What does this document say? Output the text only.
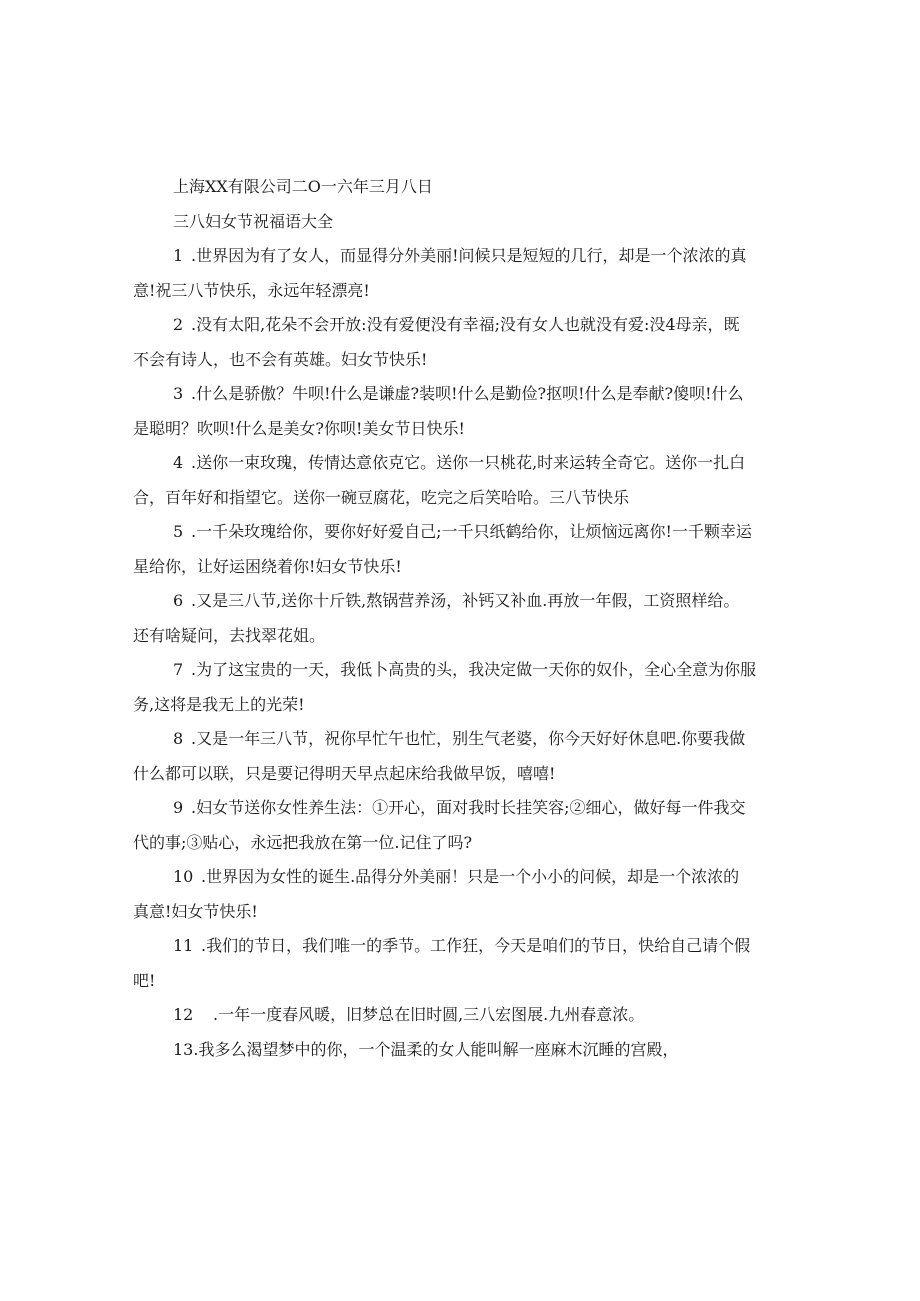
上海XX有限公司二O一六年三月八日

三八妇女节祝福语大全

1 .世界因为有了女人，而显得分外美丽!问候只是短短的几行，却是一个浓浓的真
意!祝三八节快乐，永远年轻漂亮!
2 .没有太阳,花朵不会开放:没有爱便没有幸福;没有女人也就没有爱:没4母亲，既
不会有诗人，也不会有英雄。妇女节快乐!
3 .什么是骄傲？牛呗!什么是谦虚?装呗!什么是勤俭?抠呗!什么是奉献?傻呗!什么
是聪明？吹呗!什么是美女?你呗!美女节日快乐!
4 .送你一束玫瑰，传情达意依克它。送你一只桃花,时来运转全奇它。送你一扎白
合，百年好和指望它。送你一碗豆腐花，吃完之后笑哈哈。三八节快乐
5 .一千朵玫瑰给你，要你好好爱自己;一千只纸鹤给你，让烦恼远离你!一千颗幸运
星给你，让好运困绕着你!妇女节快乐!
6 .又是三八节,送你十斤铁,熬锅营养汤，补钙又补血.再放一年假，工资照样给。
还有啥疑问，去找翠花姐。
7 .为了这宝贵的一天，我低卜高贵的头，我决定做一天你的奴仆，全心全意为你服
务,这将是我无上的光荣!
8 .又是一年三八节，祝你早忙午也忙，别生气老婆，你今天好好休息吧.你要我做
什么都可以联，只是要记得明天早点起床给我做早饭，嘻嘻!
9 .妇女节送你女性养生法：①开心，面对我时长挂笑容;②细心，做好每一件我交
代的事;③贴心，永远把我放在第一位.记住了吗?
10 .世界因为女性的诞生.品得分外美丽！只是一个小小的问候，却是一个浓浓的
真意!妇女节快乐!
11 .我们的节日，我们唯一的季节。工作狂，今天是咱们的节日，快给自己请个假
吧!
12 .一年一度春风暖，旧梦总在旧时圆,三八宏图展.九州春意浓。
13.我多么渴望梦中的你，一个温柔的女人能叫解一座麻木沉睡的宫殿，
